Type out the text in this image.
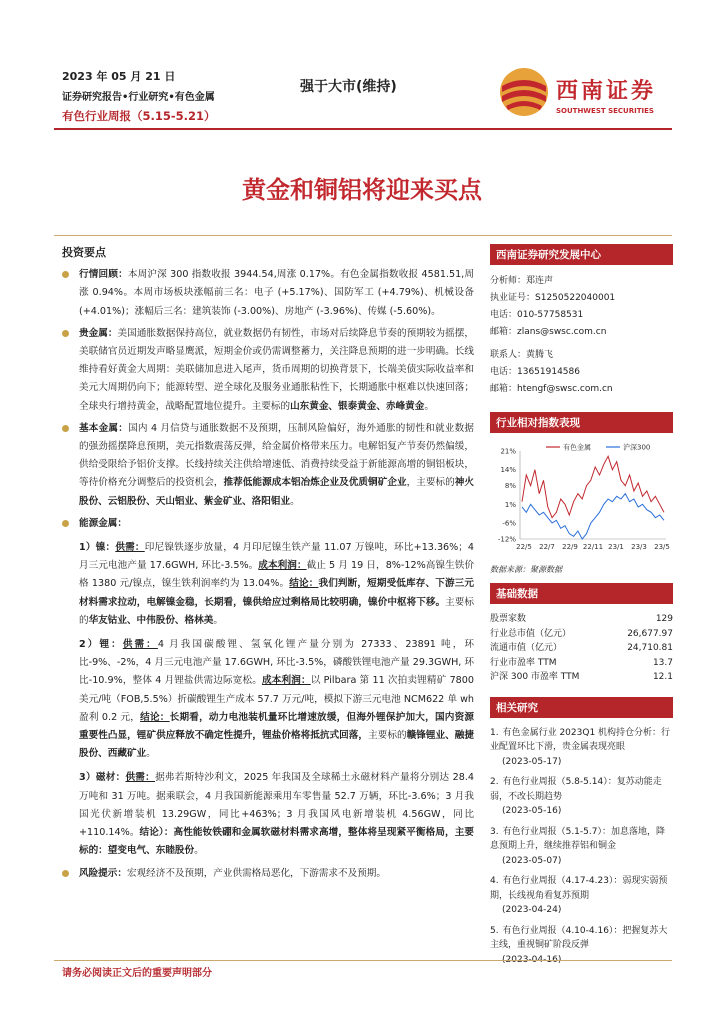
2023 年 05 月 21 日
证券研究报告•行业研究•有色金属
有色行业周报（5.15-5.21）
强于大市(维持)	西南证券
SOUTHWEST SECURITIES
黄金和铜铝将迎来买点
投资要点
行情回顾：本周沪深 300 指数收报 3944.54,周涨 0.17%。有色金属指数收报 4581.51,周涨 0.94%。本周市场板块涨幅前三名：电子 (+5.17%)、国防军工 (+4.79%)、机械设备 (+4.01%)；涨幅后三名：建筑装饰 (-3.00%)、房地产 (-3.96%)、传媒 (-5.60%)。
贵金属：美国通胀数据保持高位，就业数据仍有韧性，市场对后续降息节奏的预期较为摇摆，美联储官员近期发声略显鹰派，短期金价或仍需调整蓄力，关注降息预期的进一步明确。长线维持看好黄金大周期：美联储加息进入尾声，货币周期的切换背景下，长端美债实际收益率和美元大周期仍向下；能源转型、逆全球化及服务业通胀粘性下，长期通胀中枢难以快速回落；全球央行增持黄金，战略配置地位提升。主要标的山东黄金、银泰黄金、赤峰黄金。
基本金属：国内 4 月信贷与通胀数据不及预期，压制风险偏好，海外通胀的韧性和就业数据的强劲摇摆降息预期，美元指数震荡反弹，给金属价格带来压力。电解铝复产节奏仍然偏缓，供给受限给予铝价支撑。长线持续关注供给增速低、消费持续受益于新能源高增的铜铝板块，等待价格充分调整后的投资机会，推荐低能源成本铝冶炼企业及优质铜矿企业，主要标的神火股份、云铝股份、天山铝业、紫金矿业、洛阳钼业。
能源金属：
1）镍：供需：印尼镍铁逐步放量，4 月印尼镍生铁产量 11.07 万镍吨，环比+13.36%；4 月三元电池产量 17.6GWH, 环比-3.5%。成本利润：截止 5 月 19 日，8%-12%高镍生铁价格 1380 元/镍点，镍生铁利润率约为 13.04%。结论：我们判断，短期受低库存、下游三元材料需求拉动，电解镍金稳，长期看，镍供给应过剩格局比较明确，镍价中枢将下移。主要标的华友钴业、中伟股份、格林美。
2）锂：供需：4 月我国碳酸锂、氢氧化锂产量分别为 27333、23891 吨，环比-9%、-2%，4 月三元电池产量 17.6GWH, 环比-3.5%，磷酸铁锂电池产量 29.3GWH, 环比-10.9%，整体 4 月锂盐供需边际宽松。成本利润：以 Pilbara 第 11 次拍卖锂精矿 7800 美元/吨（FOB,5.5%）折碳酸锂生产成本 57.7 万元/吨，模拟下游三元电池 NCM622 单 wh 盈利 0.2 元，结论：长期看，动力电池装机量环比增速放缓，但海外锂保护加大，国内资源重要性凸显，锂矿供应释放不确定性提升，锂盐价格将抵抗式回落，主要标的赣锋锂业、融捷股份、西藏矿业。
3）磁材：供需：据弗若斯特沙利文，2025 年我国及全球稀土永磁材料产量将分别达 28.4 万吨和 31 万吨。据乘联会，4 月我国新能源乘用车零售量 52.7 万辆，环比-3.6%；3 月我国光伏新增装机 13.29GW，同比+463%；3 月我国风电新增装机 4.56GW，同比+110.14%。结论）：高性能钕铁硼和金属软磁材料需求高增，整体将呈现紧平衡格局，主要标的：望变电气、东睦股份。
风险提示：宏观经济不及预期，产业供需格局恶化，下游需求不及预期。
西南证券研究发展中心
分析师：郑连声
执业证号：S1250522040001
电话：010-57758531
邮箱：zlans@swsc.com.cn
联系人：黄腾飞
电话：13651914586
邮箱：htengf@swsc.com.cn
行业相对指数表现
21%
14%
8%
1%
-6%
-12%
22/5 22/7 22/9 22/11 23/1 23/3 23/5
有色金属	沪深300
数据来源：聚源数据
基础数据
股票家数	129
行业总市值（亿元）	26,677.97
流通市值（亿元）	24,710.81
行业市盈率 TTM	13.7
沪深 300 市盈率 TTM	12.1
相关研究
1. 有色金属行业 2023Q1 机构持仓分析：行业配置环比下滑，贵金属表现亮眼
(2023-05-17)
2. 有色行业周报（5.8-5.14）：复苏动能走弱，不改长期趋势
(2023-05-16)
3. 有色行业周报（5.1-5.7）：加息落地，降息预期上升，继续推荐铝和铜金
(2023-05-07)
4. 有色行业周报（4.17-4.23）：弱现实弱预期，长线视角看复苏预期
(2023-04-24)
5. 有色行业周报（4.10-4.16）：把握复苏大主线，重视铜矿阶段反弹
请务必阅读正文后的重要声明部分
